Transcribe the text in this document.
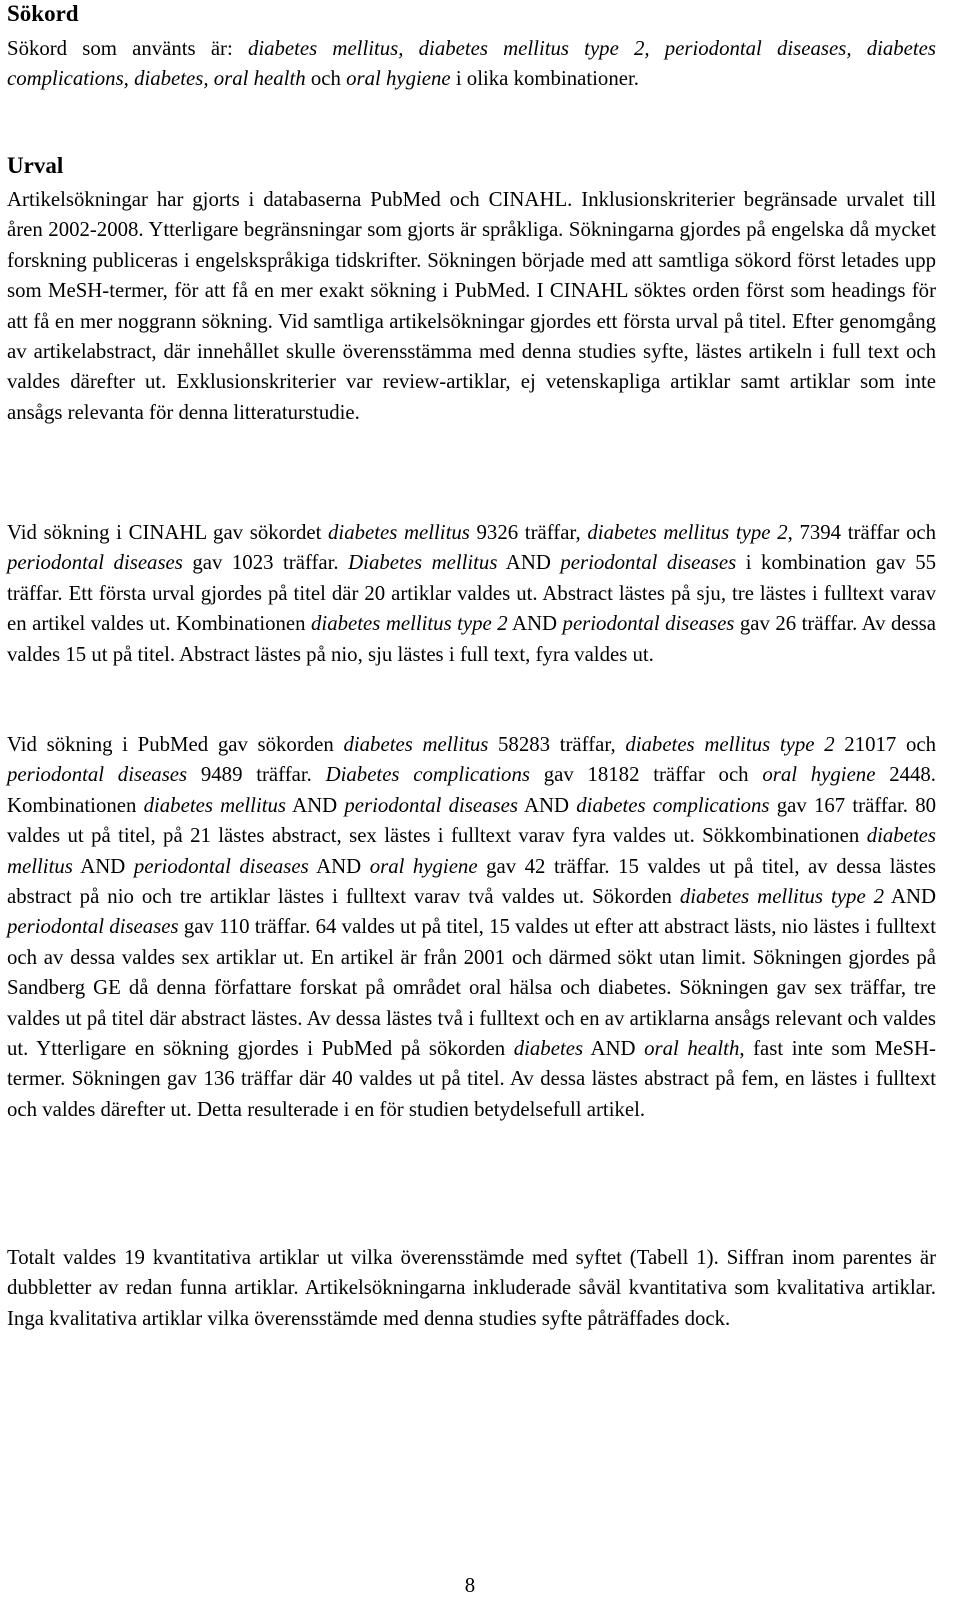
Sökord

Sökord som använts är: diabetes mellitus, diabetes mellitus type 2, periodontal diseases, diabetes complications, diabetes, oral health och oral hygiene i olika kombinationer.

Urval

Artikelsökningar har gjorts i databaserna PubMed och CINAHL. Inklusionskriterier begränsade urvalet till åren 2002-2008. Ytterligare begränsningar som gjorts är språkliga. Sökningarna gjordes på engelska då mycket forskning publiceras i engelskspråkiga tidskrifter. Sökningen började med att samtliga sökord först letades upp som MeSH-termer, för att få en mer exakt sökning i PubMed. I CINAHL söktes orden först som headings för att få en mer noggrann sökning. Vid samtliga artikelsökningar gjordes ett första urval på titel. Efter genomgång av artikelabstract, där innehållet skulle överensstämma med denna studies syfte, lästes artikeln i full text och valdes därefter ut. Exklusionskriterier var review-artiklar, ej vetenskapliga artiklar samt artiklar som inte ansågs relevanta för denna litteraturstudie.

Vid sökning i CINAHL gav sökordet diabetes mellitus 9326 träffar, diabetes mellitus type 2, 7394 träffar och periodontal diseases gav 1023 träffar. Diabetes mellitus AND periodontal diseases i kombination gav 55 träffar. Ett första urval gjordes på titel där 20 artiklar valdes ut. Abstract lästes på sju, tre lästes i fulltext varav en artikel valdes ut. Kombinationen diabetes mellitus type 2 AND periodontal diseases gav 26 träffar. Av dessa valdes 15 ut på titel. Abstract lästes på nio, sju lästes i full text, fyra valdes ut.

Vid sökning i PubMed gav sökorden diabetes mellitus 58283 träffar, diabetes mellitus type 2 21017 och periodontal diseases 9489 träffar. Diabetes complications gav 18182 träffar och oral hygiene 2448. Kombinationen diabetes mellitus AND periodontal diseases AND diabetes complications gav 167 träffar. 80 valdes ut på titel, på 21 lästes abstract, sex lästes i fulltext varav fyra valdes ut. Sökkombinationen diabetes mellitus AND periodontal diseases AND oral hygiene gav 42 träffar. 15 valdes ut på titel, av dessa lästes abstract på nio och tre artiklar lästes i fulltext varav två valdes ut. Sökorden diabetes mellitus type 2 AND periodontal diseases gav 110 träffar. 64 valdes ut på titel, 15 valdes ut efter att abstract lästs, nio lästes i fulltext och av dessa valdes sex artiklar ut. En artikel är från 2001 och därmed sökt utan limit. Sökningen gjordes på Sandberg GE då denna författare forskat på området oral hälsa och diabetes. Sökningen gav sex träffar, tre valdes ut på titel där abstract lästes. Av dessa lästes två i fulltext och en av artiklarna ansågs relevant och valdes ut. Ytterligare en sökning gjordes i PubMed på sökorden diabetes AND oral health, fast inte som MeSH-termer. Sökningen gav 136 träffar där 40 valdes ut på titel. Av dessa lästes abstract på fem, en lästes i fulltext och valdes därefter ut. Detta resulterade i en för studien betydelsefull artikel.

Totalt valdes 19 kvantitativa artiklar ut vilka överensstämde med syftet (Tabell 1). Siffran inom parentes är dubbletter av redan funna artiklar. Artikelsökningarna inkluderade såväl kvantitativa som kvalitativa artiklar. Inga kvalitativa artiklar vilka överensstämde med denna studies syfte påträffades dock.

8
